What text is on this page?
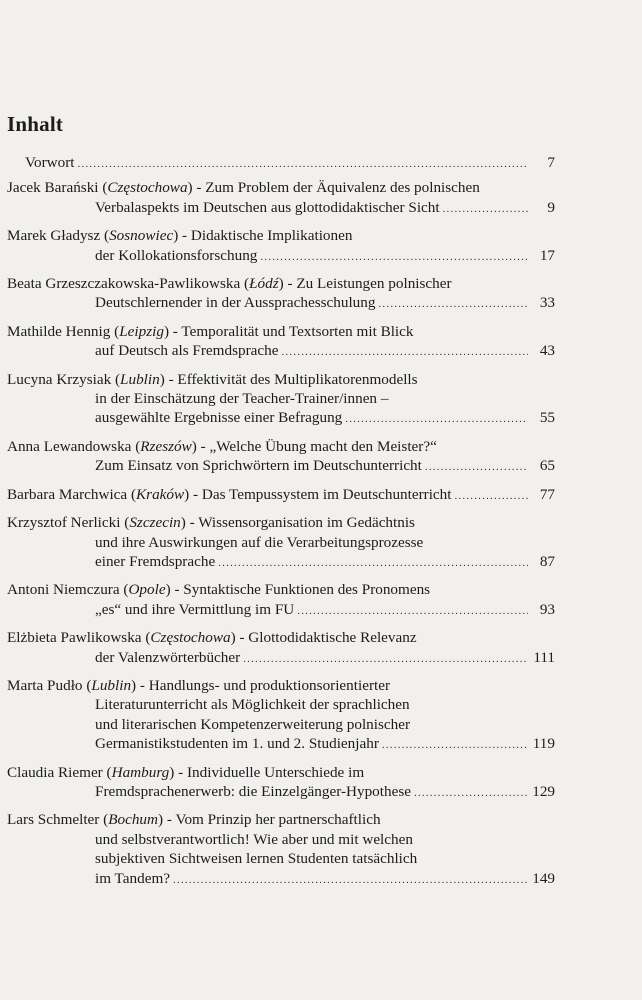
Inhalt
Vorwort .....	7
Jacek Barański (Częstochowa) - Zum Problem der Äquivalenz des polnischen
Verbalaspekts im Deutschen aus glottodidaktischer Sicht .....	9
Marek Gładysz (Sosnowiec) - Didaktische Implikationen
der Kollokationsforschung .....	17
Beata Grzeszczakowska-Pawlikowska (Łódź) - Zu Leistungen polnischer
Deutschlernender in der Aussprachesschulung .....	33
Mathilde Hennig (Leipzig) - Temporalität und Textsorten mit Blick
auf Deutsch als Fremdsprache .....	43
Lucyna Krzysiak (Lublin) - Effektivität des Multiplikatorenmodells
in der Einschätzung der Teacher-Trainer/innen –
ausgewählte Ergebnisse einer Befragung .....	55
Anna Lewandowska (Rzeszów) - „Welche Übung macht den Meister?“
Zum Einsatz von Sprichwörtern im Deutschunterricht .....	65
Barbara Marchwica (Kraków) - Das Tempussystem im Deutschunterricht .....	77
Krzysztof Nerlicki (Szczecin) - Wissensorganisation im Gedächtnis
und ihre Auswirkungen auf die Verarbeitungsprozesse
einer Fremdsprache .....	87
Antoni Niemczura (Opole) - Syntaktische Funktionen des Pronomens
„es“ und ihre Vermittlung im FU .....	93
Elżbieta Pawlikowska (Częstochowa) - Glottodidaktische Relevanz
der Valenzwörterbücher .....	111
Marta Pudło (Lublin) - Handlungs- und produktionsorientierter
Literaturunterricht als Möglichkeit der sprachlichen
und literarischen Kompetenzerweiterung polnischer
Germanistikstudenten im 1. und 2. Studienjahr .....	119
Claudia Riemer (Hamburg) - Individuelle Unterschiede im
Fremdsprachenerwerb: die Einzelgänger-Hypothese .....	129
Lars Schmelter (Bochum) - Vom Prinzip her partnerschaftlich
und selbstverantwortlich! Wie aber und mit welchen
subjektiven Sichtweisen lernen Studenten tatsächlich
im Tandem? .....	149
